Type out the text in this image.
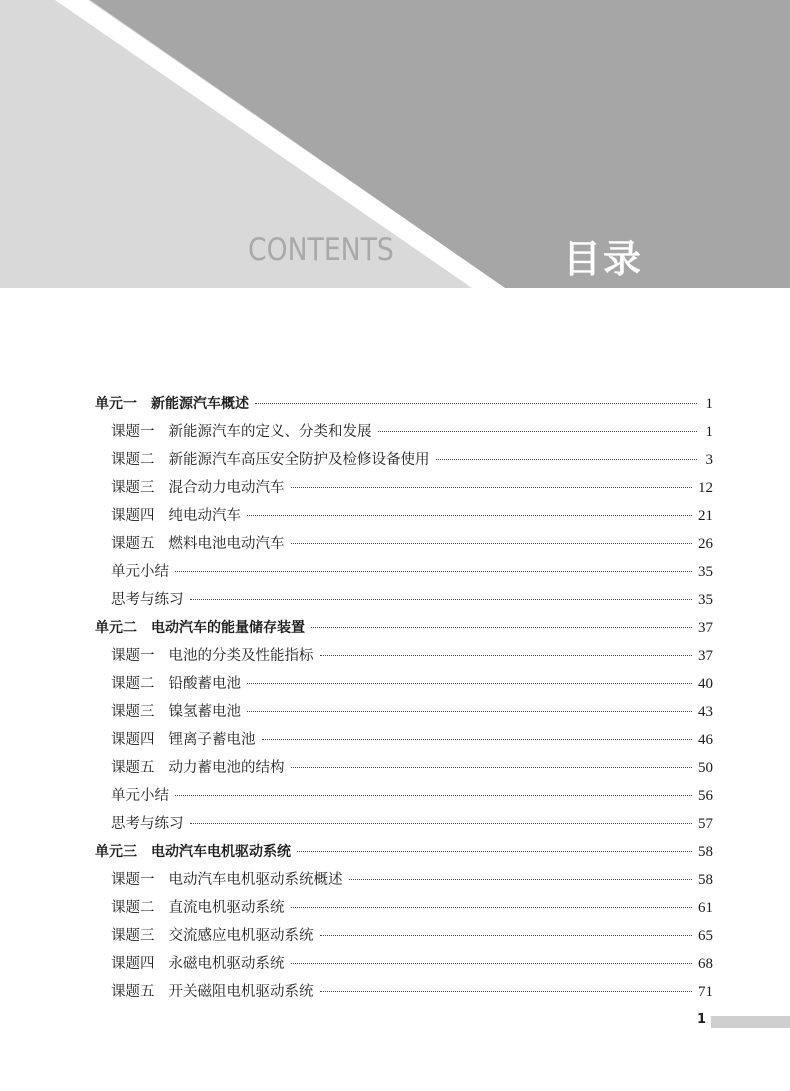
CONTENTS	目录
单元一 新能源汽车概述	1
课题一 新能源汽车的定义、分类和发展	1
课题二 新能源汽车高压安全防护及检修设备使用	3
课题三 混合动力电动汽车	12
课题四 纯电动汽车	21
课题五 燃料电池电动汽车	26
单元小结	35
思考与练习	35
单元二 电动汽车的能量储存装置	37
课题一 电池的分类及性能指标	37
课题二 铅酸蓄电池	40
课题三 镍氢蓄电池	43
课题四 锂离子蓄电池	46
课题五 动力蓄电池的结构	50
单元小结	56
思考与练习	57
单元三 电动汽车电机驱动系统	58
课题一 电动汽车电机驱动系统概述	58
课题二 直流电机驱动系统	61
课题三 交流感应电机驱动系统	65
课题四 永磁电机驱动系统	68
课题五 开关磁阻电机驱动系统	71
1
